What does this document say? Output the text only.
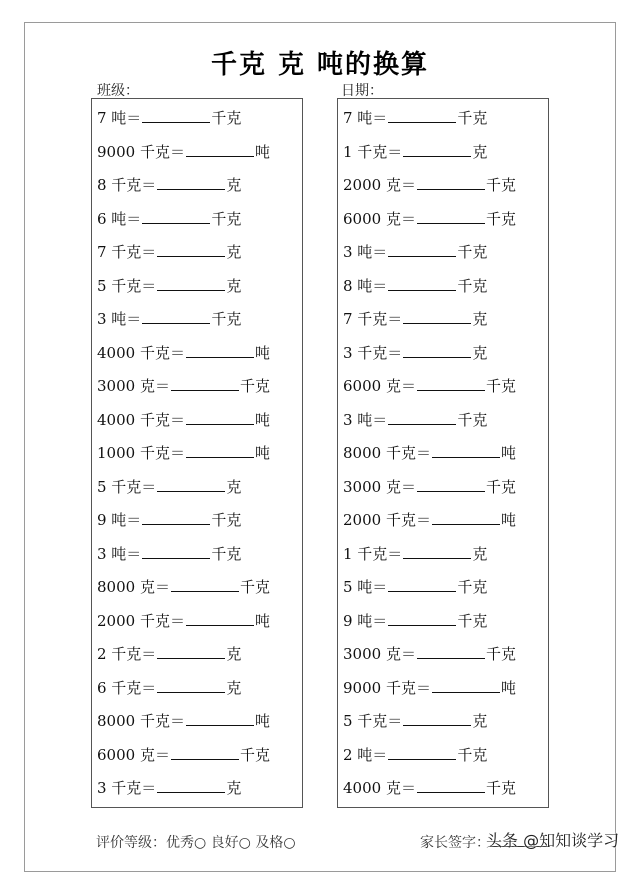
千克 克 吨的换算
班级：	日期：
7 吨＝	千克
9000 千克＝	吨
8 千克＝	克
6 吨＝	千克
7 千克＝	克
5 千克＝	克
3 吨＝	千克
4000 千克＝	吨
3000 克＝	千克
4000 千克＝	吨
1000 千克＝	吨
5 千克＝	克
9 吨＝	千克
3 吨＝	千克
8000 克＝	千克
2000 千克＝	吨
2 千克＝	克
6 千克＝	克
8000 千克＝	吨
6000 克＝	千克
3 千克＝	克
7 吨＝	千克
1 千克＝	克
2000 克＝	千克
6000 克＝	千克
3 吨＝	千克
8 吨＝	千克
7 千克＝	克
3 千克＝	克
6000 克＝	千克
3 吨＝	千克
8000 千克＝	吨
3000 克＝	千克
2000 千克＝	吨
1 千克＝	克
5 吨＝	千克
9 吨＝	千克
3000 克＝	千克
9000 千克＝	吨
5 千克＝	克
2 吨＝	千克
4000 克＝	千克
评价等级：优秀○ 良好○ 及格○	家长签字：
头条 @知知谈学习
